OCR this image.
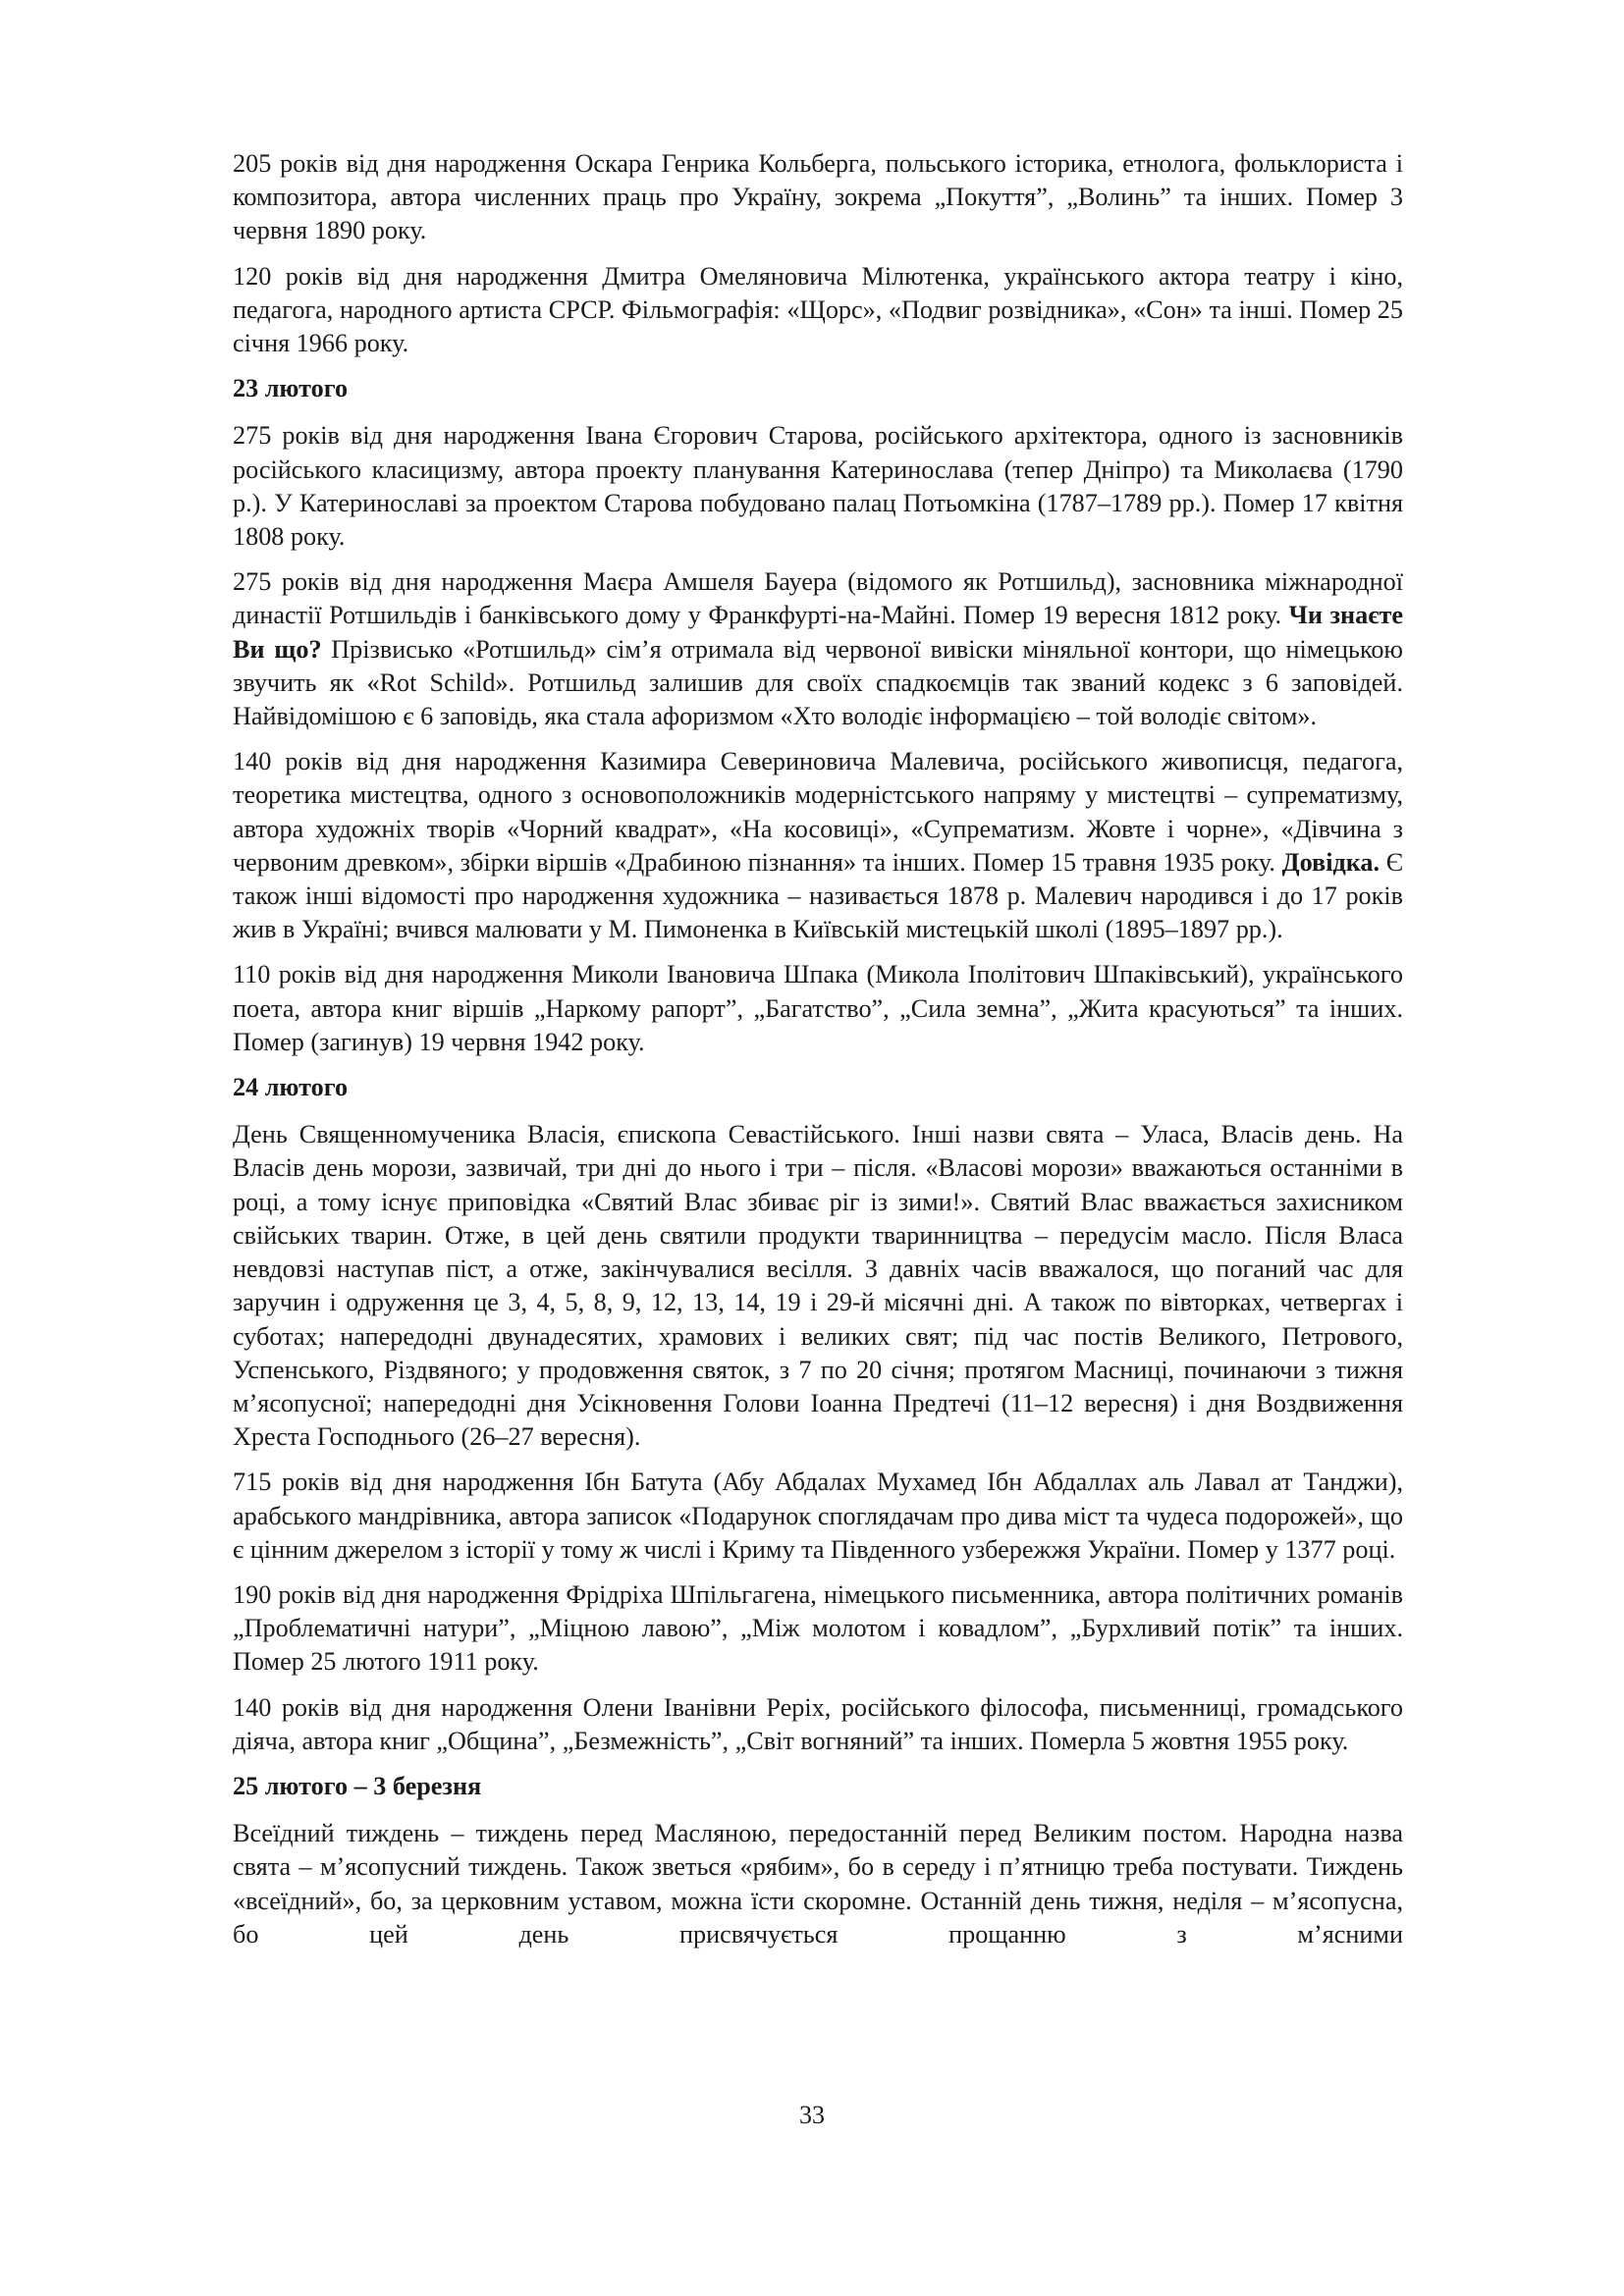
205 років від дня народження Оскара Генрика Кольберга, польського історика, етнолога, фольклориста і композитора, автора численних праць про Україну, зокрема „Покуття”, „Волинь” та інших. Помер 3 червня 1890 року.

120 років від дня народження Дмитра Омеляновича Мілютенка, українського актора театру і кіно, педагога, народного артиста СРСР. Фільмографія: «Щорс», «Подвиг розвідника», «Сон» та інші. Помер 25 січня 1966 року.

23 лютого

275 років від дня народження Івана Єгорович Старова, російського архітектора, одного із засновників російського класицизму, автора проекту планування Катеринослава (тепер Дніпро) та Миколаєва (1790 р.). У Катеринославі за проектом Старова побудовано палац Потьомкіна (1787–1789 рр.). Помер 17 квітня 1808 року.

275 років від дня народження Маєра Амшеля Бауера (відомого як Ротшильд), засновника міжнародної династії Ротшильдів і банківського дому у Франкфурті-на-Майні. Помер 19 вересня 1812 року. Чи знаєте Ви що? Прізвисько «Ротшильд» сім’я отримала від червоної вивіски міняльної контори, що німецькою звучить як «Rot Schild». Ротшильд залишив для своїх спадкоємців так званий кодекс з 6 заповідей. Найвідомішою є 6 заповідь, яка стала афоризмом «Хто володіє інформацією – той володіє світом».

140 років від дня народження Казимира Севериновича Малевича, російського живописця, педагога, теоретика мистецтва, одного з основоположників модерністського напряму у мистецтві – супрематизму, автора художніх творів «Чорний квадрат», «На косовиці», «Супрематизм. Жовте і чорне», «Дівчина з червоним древком», збірки віршів «Драбиною пізнання» та інших. Помер 15 травня 1935 року. Довідка. Є також інші відомості про народження художника – називається 1878 р. Малевич народився і до 17 років жив в Україні; вчився малювати у М. Пимоненка в Київській мистецькій школі (1895–1897 рр.).

110 років від дня народження Миколи Івановича Шпака (Микола Іполітович Шпаківський), українського поета, автора книг віршів „Наркому рапорт”, „Багатство”, „Сила земна”, „Жита красуються” та інших. Помер (загинув) 19 червня 1942 року.

24 лютого

День Священномученика Власія, єпископа Севастійського. Інші назви свята – Уласа, Власів день. На Власів день морози, зазвичай, три дні до нього і три – після. «Власові морози» вважаються останніми в році, а тому існує приповідка «Святий Влас збиває ріг із зими!». Святий Влас вважається захисником свійських тварин. Отже, в цей день святили продукти тваринництва – передусім масло. Після Власа невдовзі наступав піст, а отже, закінчувалися весілля. З давніх часів вважалося, що поганий час для заручин і одруження це 3, 4, 5, 8, 9, 12, 13, 14, 19 і 29-й місячні дні. А також по вівторках, четвергах і суботах; напередодні двунадесятих, храмових і великих свят; під час постів Великого, Петрового, Успенського, Різдвяного; у продовження святок, з 7 по 20 січня; протягом Масниці, починаючи з тижня м’ясопусної; напередодні дня Усікновення Голови Іоанна Предтечі (11–12 вересня) і дня Воздвиження Хреста Господнього (26–27 вересня).

715 років від дня народження Ібн Батута (Абу Абдалах Мухамед Ібн Абдаллах аль Лавал ат Танджи), арабського мандрівника, автора записок «Подарунок споглядачам про дива міст та чудеса подорожей», що є цінним джерелом з історії у тому ж числі і Криму та Південного узбережжя України. Помер у 1377 році.

190 років від дня народження Фрідріха Шпільгагена, німецького письменника, автора політичних романів „Проблематичні натури”, „Міцною лавою”, „Між молотом і ковадлом”, „Бурхливий потік” та інших. Помер 25 лютого 1911 року.

140 років від дня народження Олени Іванівни Реріх, російського філософа, письменниці, громадського діяча, автора книг „Община”, „Безмежність”, „Світ вогняний” та інших. Померла 5 жовтня 1955 року.

25 лютого – 3 березня

Всеїдний тиждень – тиждень перед Масляною, передостанній перед Великим постом. Народна назва свята – м’ясопусний тиждень. Також зветься «рябим», бо в середу і п’ятницю треба постувати. Тиждень «всеїдний», бо, за церковним уставом, можна їсти скоромне. Останній день тижня, неділя – м’ясопусна, бо цей день присвячується прощанню з м’ясними

33
